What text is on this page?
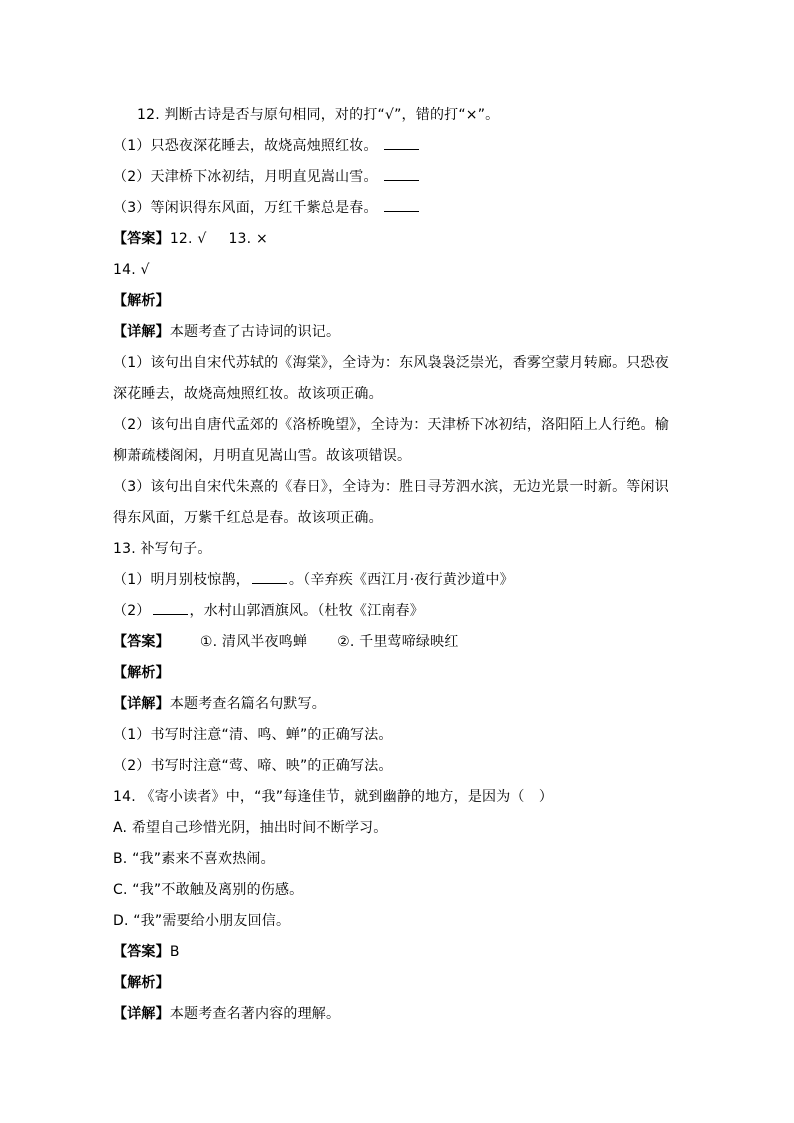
12. 判断古诗是否与原句相同，对的打“√”，错的打“×”。
（1）只恐夜深花睡去，故烧高烛照红妆。
（2）天津桥下冰初结，月明直见嵩山雪。
（3）等闲识得东风面，万红千紫总是春。
【答案】12. √ 13. ×
14. √
【解析】
【详解】本题考查了古诗词的识记。
（1）该句出自宋代苏轼的《海棠》，全诗为：东风袅袅泛崇光，香雾空蒙月转廊。只恐夜
深花睡去，故烧高烛照红妆。故该项正确。
（2）该句出自唐代孟郊的《洛桥晚望》，全诗为：天津桥下冰初结，洛阳陌上人行绝。榆
柳萧疏楼阁闲，月明直见嵩山雪。故该项错误。
（3）该句出自宋代朱熹的《春日》，全诗为：胜日寻芳泗水滨，无边光景一时新。等闲识
得东风面，万紫千红总是春。故该项正确。
13. 补写句子。
（1）明月别枝惊鹊，	。（辛弃疾《西江月·夜行黄沙道中》
（2）	，水村山郭酒旗风。（杜牧《江南春》
【答案】 ①. 清风半夜鸣蝉 ②. 千里莺啼绿映红
【解析】
【详解】本题考查名篇名句默写。
（1）书写时注意“清、鸣、蝉”的正确写法。
（2）书写时注意“莺、啼、映”的正确写法。
14. 《寄小读者》中，“我”每逢佳节，就到幽静的地方，是因为（　）
A. 希望自己珍惜光阴，抽出时间不断学习。
B. “我”素来不喜欢热闹。
C. “我”不敢触及离别的伤感。
D. “我”需要给小朋友回信。
【答案】B
【解析】
【详解】本题考查名著内容的理解。
